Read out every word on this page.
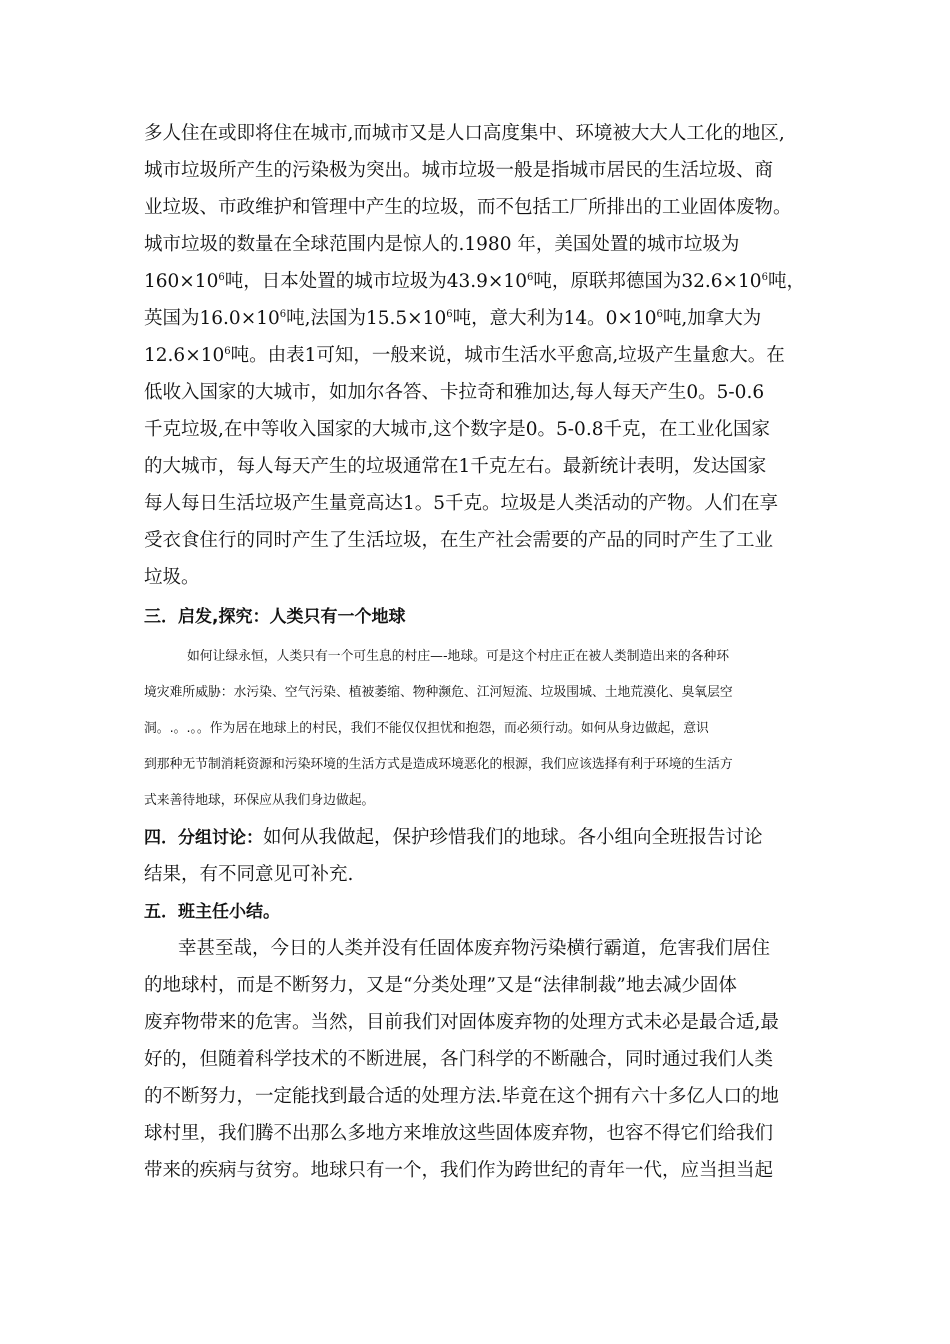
多人住在或即将住在城市,而城市又是人口高度集中、环境被大大人工化的地区,
城市垃圾所产生的污染极为突出。城市垃圾一般是指城市居民的生活垃圾、商
业垃圾、市政维护和管理中产生的垃圾，而不包括工厂所排出的工业固体废物。
城市垃圾的数量在全球范围内是惊人的.1980 年，美国处置的城市垃圾为
$160\times 10^6$吨，日本处置的城市垃圾为$43.9\times 10^6$吨，原联邦德国为$32.6\times 10^6$吨，
英国为$16.0\times 10^6$吨,法国为$15.5\times 10^6$吨，意大利为14。$0\times 10^6$吨,加拿大为
$12.6\times 10^6$吨。由表1可知，一般来说，城市生活水平愈高,垃圾产生量愈大。在
低收入国家的大城市，如加尔各答、卡拉奇和雅加达,每人每天产生0。5-0.6
千克垃圾,在中等收入国家的大城市,这个数字是0。5-0.8千克，在工业化国家
的大城市，每人每天产生的垃圾通常在1千克左右。最新统计表明，发达国家
每人每日生活垃圾产生量竟高达1。5千克。垃圾是人类活动的产物。人们在享
受衣食住行的同时产生了生活垃圾，在生产社会需要的产品的同时产生了工业
垃圾。
三．启发,探究：人类只有一个地球
如何让绿永恒，人类只有一个可生息的村庄—-地球。可是这个村庄正在被人类制造出来的各种环
境灾难所威胁：水污染、空气污染、植被萎缩、物种濒危、江河短流、垃圾围城、土地荒漠化、臭氧层空
洞。.。.。。作为居在地球上的村民，我们不能仅仅担忧和抱怨，而必须行动。如何从身边做起，意识
到那种无节制消耗资源和污染环境的生活方式是造成环境恶化的根源，我们应该选择有利于环境的生活方
式来善待地球，环保应从我们身边做起。
四．分组讨论：如何从我做起，保护珍惜我们的地球。各小组向全班报告讨论
结果，有不同意见可补充.
五．班主任小结。
幸甚至哉，今日的人类并没有任固体废弃物污染横行霸道，危害我们居住
的地球村，而是不断努力，又是“分类处理”又是“法律制裁”地去减少固体
废弃物带来的危害。当然，目前我们对固体废弃物的处理方式未必是最合适,最
好的，但随着科学技术的不断进展，各门科学的不断融合，同时通过我们人类
的不断努力，一定能找到最合适的处理方法.毕竟在这个拥有六十多亿人口的地
球村里，我们腾不出那么多地方来堆放这些固体废弃物，也容不得它们给我们
带来的疾病与贫穷。地球只有一个，我们作为跨世纪的青年一代，应当担当起
